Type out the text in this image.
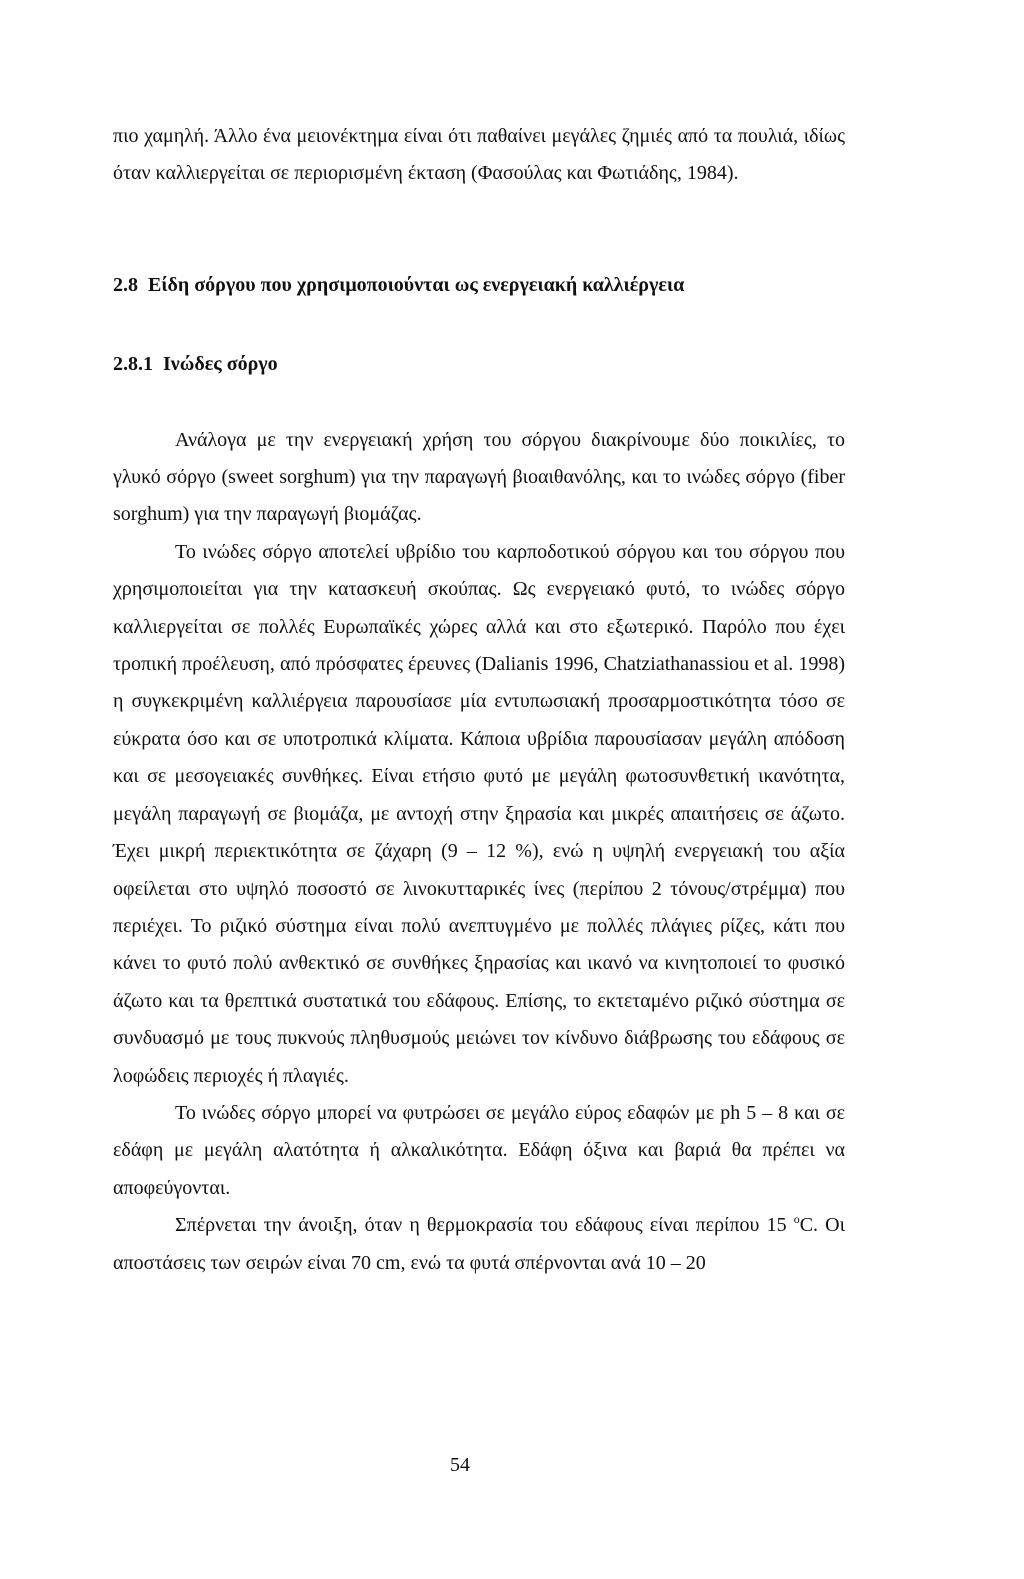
πιο χαμηλή. Άλλο ένα μειονέκτημα είναι ότι παθαίνει μεγάλες ζημιές από τα πουλιά, ιδίως όταν καλλιεργείται σε περιορισμένη έκταση (Φασούλας και Φωτιάδης, 1984).

2.8 Είδη σόργου που χρησιμοποιούνται ως ενεργειακή καλλιέργεια
2.8.1 Ινώδες σόργο

Ανάλογα με την ενεργειακή χρήση του σόργου διακρίνουμε δύο ποικιλίες, το γλυκό σόργο (sweet sorghum) για την παραγωγή βιοαιθανόλης, και το ινώδες σόργο (fiber sorghum) για την παραγωγή βιομάζας.

Το ινώδες σόργο αποτελεί υβρίδιο του καρποδοτικού σόργου και του σόργου που χρησιμοποιείται για την κατασκευή σκούπας. Ως ενεργειακό φυτό, το ινώδες σόργο καλλιεργείται σε πολλές Ευρωπαϊκές χώρες αλλά και στο εξωτερικό. Παρόλο που έχει τροπική προέλευση, από πρόσφατες έρευνες (Dalianis 1996, Chatziathanassiou et al. 1998) η συγκεκριμένη καλλιέργεια παρουσίασε μία εντυπωσιακή προσαρμοστικότητα τόσο σε εύκρατα όσο και σε υποτροπικά κλίματα. Κάποια υβρίδια παρουσίασαν μεγάλη απόδοση και σε μεσογειακές συνθήκες. Είναι ετήσιο φυτό με μεγάλη φωτοσυνθετική ικανότητα, μεγάλη παραγωγή σε βιομάζα, με αντοχή στην ξηρασία και μικρές απαιτήσεις σε άζωτο. Έχει μικρή περιεκτικότητα σε ζάχαρη (9 – 12 %), ενώ η υψηλή ενεργειακή του αξία οφείλεται στο υψηλό ποσοστό σε λινοκυτταρικές ίνες (περίπου 2 τόνους/στρέμμα) που περιέχει. Το ριζικό σύστημα είναι πολύ ανεπτυγμένο με πολλές πλάγιες ρίζες, κάτι που κάνει το φυτό πολύ ανθεκτικό σε συνθήκες ξηρασίας και ικανό να κινητοποιεί το φυσικό άζωτο και τα θρεπτικά συστατικά του εδάφους. Επίσης, το εκτεταμένο ριζικό σύστημα σε συνδυασμό με τους πυκνούς πληθυσμούς μειώνει τον κίνδυνο διάβρωσης του εδάφους σε λοφώδεις περιοχές ή πλαγιές.

Το ινώδες σόργο μπορεί να φυτρώσει σε μεγάλο εύρος εδαφών με ph 5 – 8 και σε εδάφη με μεγάλη αλατότητα ή αλκαλικότητα. Εδάφη όξινα και βαριά θα πρέπει να αποφεύγονται.

Σπέρνεται την άνοιξη, όταν η θερμοκρασία του εδάφους είναι περίπου 15 $^o$C. Οι αποστάσεις των σειρών είναι 70 cm, ενώ τα φυτά σπέρνονται ανά 10 – 20

54
